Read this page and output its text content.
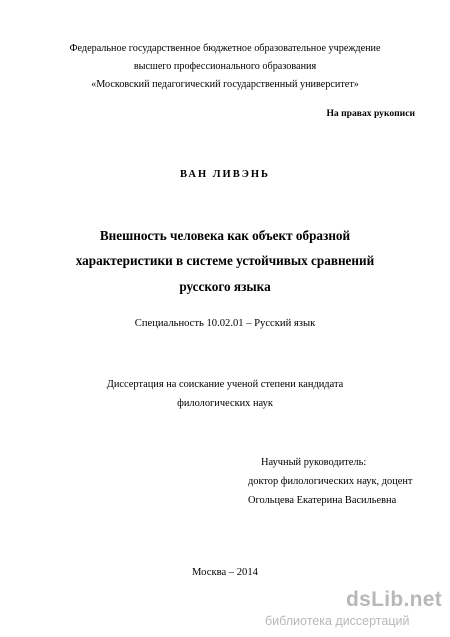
Федеральное государственное бюджетное образовательное учреждение
высшего профессионального образования
«Московский педагогический государственный университет»
На правах рукописи
ВАН ЛИВЭНЬ
Внешность человека как объект образной
характеристики в системе устойчивых сравнений
русского языка
Специальность 10.02.01 – Русский язык
Диссертация на соискание ученой степени кандидата
филологических наук
Научный руководитель:
доктор филологических наук, доцент
Огольцева Екатерина Васильевна
Москва – 2014
dsLib.net
библиотека диссертаций
